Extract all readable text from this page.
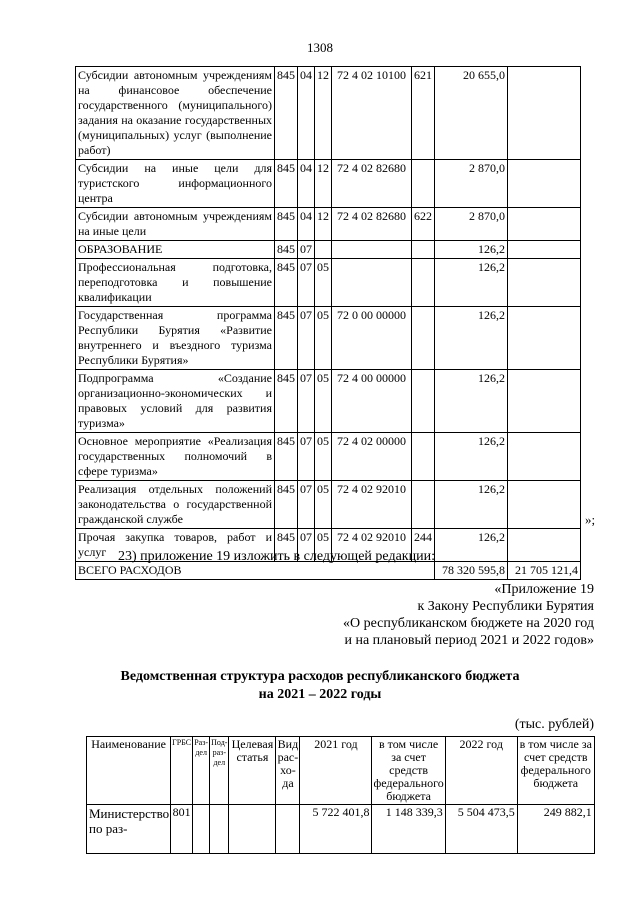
1308
Субсидии автономным учреждениям на финансовое обеспечение государственного (муниципального) задания на оказание государственных (муниципальных) услуг (выполнение работ)	845	04	12	72 4 02 10100	621	20 655,0	
Субсидии на иные цели для туристского информационного центра	845	04	12	72 4 02 82680		2 870,0	
Субсидии автономным учреждениям на иные цели	845	04	12	72 4 02 82680	622	2 870,0	
ОБРАЗОВАНИЕ	845	07				126,2	
Профессиональная подготовка, переподготовка и повышение квалификации	845	07	05			126,2	
Государственная программа Республики Бурятия «Развитие внутреннего и въездного туризма Республики Бурятия»	845	07	05	72 0 00 00000		126,2	
Подпрограмма «Создание организационно-экономических и правовых условий для развития туризма»	845	07	05	72 4 00 00000		126,2	
Основное мероприятие «Реализация государственных полномочий в сфере туризма»	845	07	05	72 4 02 00000		126,2	
Реализация отдельных положений законодательства о государственной гражданской службе	845	07	05	72 4 02 92010		126,2	
Прочая закупка товаров, работ и услуг	845	07	05	72 4 02 92010	244	126,2	
ВСЕГО РАСХОДОВ						78 320 595,8	21 705 121,4
»;
23) приложение 19 изложить в следующей редакции:
«Приложение 19
к Закону Республики Бурятия
«О республиканском бюджете на 2020 год
и на плановый период 2021 и 2022 годов»
Ведомственная структура расходов республиканского бюджета
на 2021 – 2022 годы
(тыс. рублей)
Наименование	ГРБС	Раз-дел	Под-раз-дел	Целевая статья	Вид рас-хо-да	2021 год	в том числе за счет средств федерального бюджета	2022 год	в том числе за счет средств федерального бюджета
Министерство по раз-	801					5 722 401,8	1 148 339,3	5 504 473,5	249 882,1
